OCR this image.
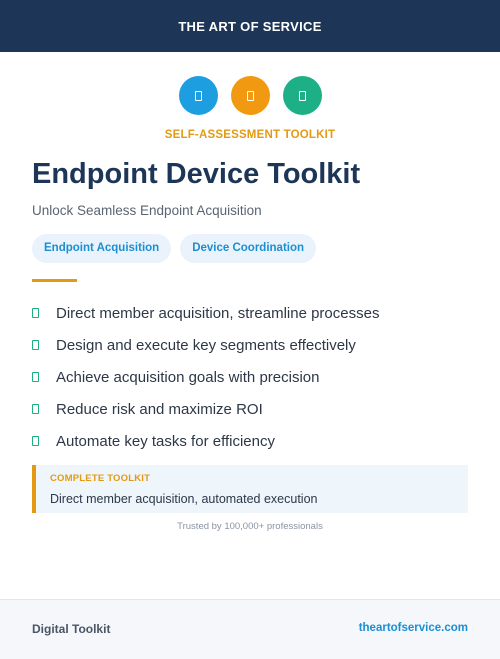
THE ART OF SERVICE
SELF-ASSESSMENT TOOLKIT
Endpoint Device Toolkit
Unlock Seamless Endpoint Acquisition
Endpoint Acquisition	Device Coordination
Direct member acquisition, streamline processes
Design and execute key segments effectively
Achieve acquisition goals with precision
Reduce risk and maximize ROI
Automate key tasks for efficiency
COMPLETE TOOLKIT
Direct member acquisition, automated execution
Trusted by 100,000+ professionals
Digital Toolkit	theartofservice.com
